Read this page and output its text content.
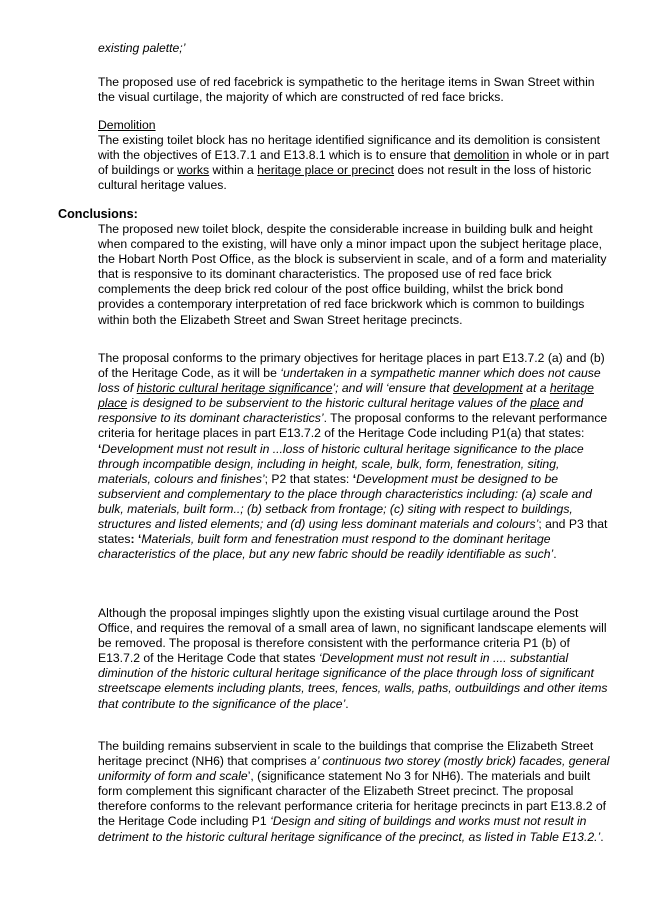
existing palette;’

The proposed use of red facebrick is sympathetic to the heritage items in Swan Street within the visual curtilage, the majority of which are constructed of red face bricks.

Demolition

The existing toilet block has no heritage identified significance and its demolition is consistent with the objectives of E13.7.1 and E13.8.1 which is to ensure that demolition in whole or in part of buildings or works within a heritage place or precinct does not result in the loss of historic cultural heritage values.

Conclusions:

The proposed new toilet block, despite the considerable increase in building bulk and height when compared to the existing, will have only a minor impact upon the subject heritage place, the Hobart North Post Office, as the block is subservient in scale, and of a form and materiality that is responsive to its dominant characteristics. The proposed use of red face brick complements the deep brick red colour of the post office building, whilst the brick bond provides a contemporary interpretation of red face brickwork which is common to buildings within both the Elizabeth Street and Swan Street heritage precincts.

The proposal conforms to the primary objectives for heritage places in part E13.7.2 (a) and (b) of the Heritage Code, as it will be ‘undertaken in a sympathetic manner which does not cause loss of historic cultural heritage significance’; and will ‘ensure that development at a heritage place is designed to be subservient to the historic cultural heritage values of the place and responsive to its dominant characteristics’. The proposal conforms to the relevant performance criteria for heritage places in part E13.7.2 of the Heritage Code including P1(a) that states: ‘Development must not result in ...loss of historic cultural heritage significance to the place through incompatible design, including in height, scale, bulk, form, fenestration, siting, materials, colours and finishes’; P2 that states: ‘Development must be designed to be subservient and complementary to the place through characteristics including: (a) scale and bulk, materials, built form..; (b) setback from frontage; (c) siting with respect to buildings, structures and listed elements; and (d) using less dominant materials and colours’; and P3 that states: ‘Materials, built form and fenestration must respond to the dominant heritage characteristics of the place, but any new fabric should be readily identifiable as such’.

Although the proposal impinges slightly upon the existing visual curtilage around the Post Office, and requires the removal of a small area of lawn, no significant landscape elements will be removed. The proposal is therefore consistent with the performance criteria P1 (b) of E13.7.2 of the Heritage Code that states ‘Development must not result in .... substantial diminution of the historic cultural heritage significance of the place through loss of significant streetscape elements including plants, trees, fences, walls, paths, outbuildings and other items that contribute to the significance of the place’.

The building remains subservient in scale to the buildings that comprise the Elizabeth Street heritage precinct (NH6) that comprises a’ continuous two storey (mostly brick) facades, general uniformity of form and scale’, (significance statement No 3 for NH6). The materials and built form complement this significant character of the Elizabeth Street precinct. The proposal therefore conforms to the relevant performance criteria for heritage precincts in part E13.8.2 of the Heritage Code including P1 ‘Design and siting of buildings and works must not result in detriment to the historic cultural heritage significance of the precinct, as listed in Table E13.2.’.
